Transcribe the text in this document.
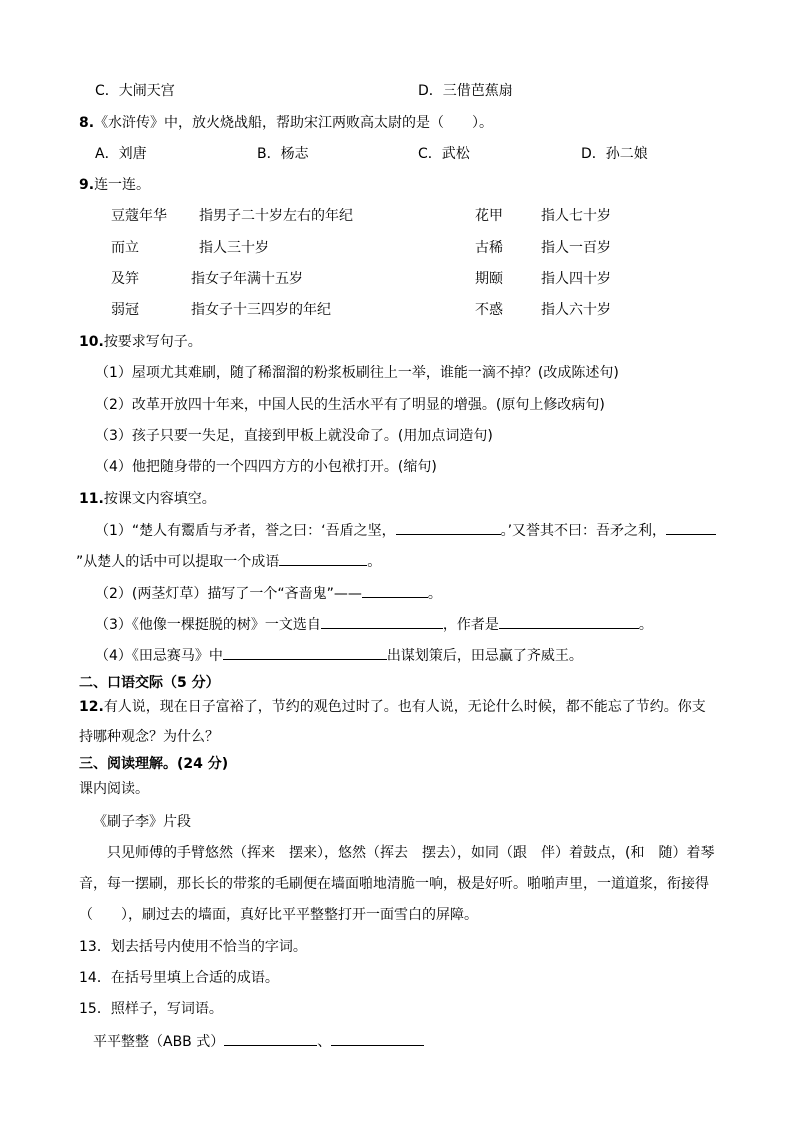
C．大闹天宫	D．三借芭蕉扇
8.《水浒传》中，放火烧战船，帮助宋江两败高太尉的是（　　）。
A．刘唐	B．杨志	C．武松	D．孙二娘
9.连一连。
豆蔻年华 指男子二十岁左右的年纪	花甲	指人七十岁
而立	指人三十岁	古稀	指人一百岁
及笄	指女子年满十五岁	期颐	指人四十岁
弱冠	指女子十三四岁的年纪	不惑	指人六十岁
10.按要求写句子。
（1）屋项尤其难刷，随了稀溜溜的粉浆板刷往上一举，谁能一滴不掉？(改成陈述句)
（2）改革开放四十年来，中国人民的生活水平有了明显的增强。(原句上修改病句)
（3）孩子只要一失足，直接到甲板上就没命了。(用加点词造句)
（4）他把随身带的一个四四方方的小包袱打开。(缩句)
11.按课文内容填空。
（1）“楚人有鬻盾与矛者，誉之曰：‘吾盾之坚，	。’又誉其不曰：吾矛之利，
”从楚人的话中可以提取一个成语	。
（2）(两茎灯草）描写了一个“吝啬鬼”——	。
（3）《他像一棵挺脱的树》一文选自	，作者是	。
（4）《田忌赛马》中	出谋划策后，田忌赢了齐威王。
二、口语交际（5 分）
12.有人说，现在日子富裕了，节约的观色过时了。也有人说，无论什么时候，都不能忘了节约。你支
持哪种观念？为什么？
三、阅读理解。(24 分)
课内阅读。
《刷子李》片段
只见师傅的手臂悠然（挥来　摆来），悠然（挥去　摆去），如同（跟　伴）着鼓点，(和　随）着琴
音，每一摆刷，那长长的带浆的毛刷便在墙面啪地清脆一响，极是好听。啪啪声里，一道道浆，衔接得
（　　），刷过去的墙面，真好比平平整整打开一面雪白的屏障。
13．划去括号内使用不恰当的字词。
14．在括号里填上合适的成语。
15．照样子，写词语。
平平整整（ABB 式）	、
